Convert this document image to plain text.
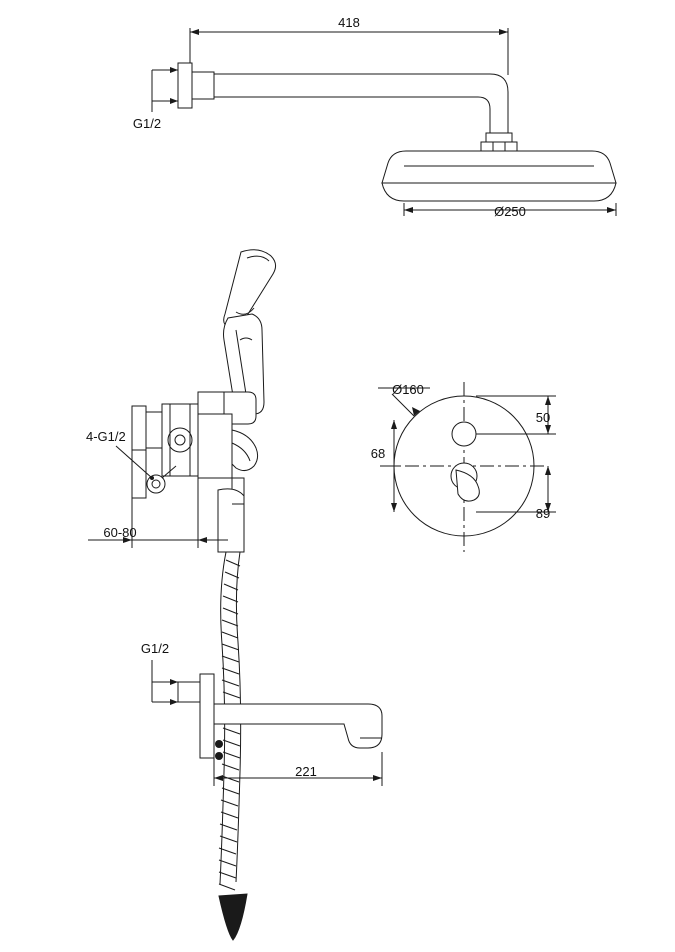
418
G1/2
Ø250
4-G1/2
60-80
Ø160
50
68
89
G1/2
221
